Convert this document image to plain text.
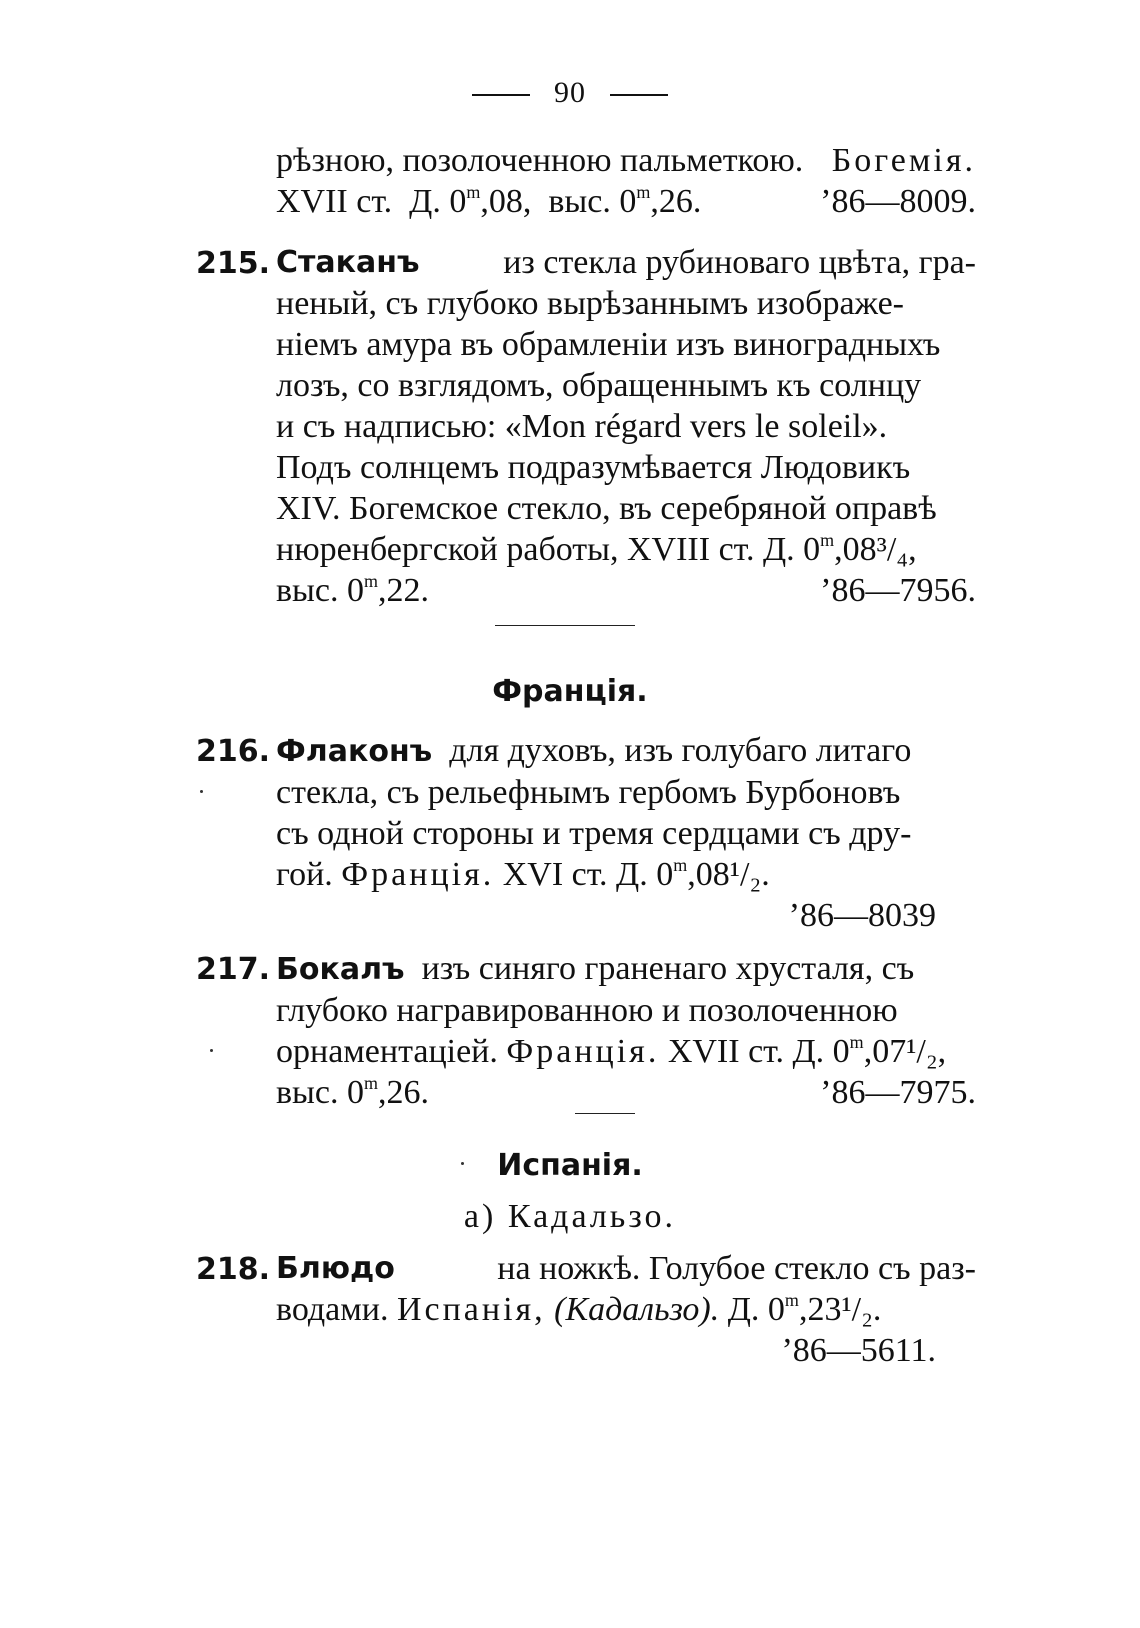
90
рѣзною, позолоченною пальметкою. Богемія.
XVII ст. Д. 0$^m$,08, выс. 0$^m$,26.	’86—8009.
215. Стаканъ из стекла рубиноваго цвѣта, гра-
неный, съ глубоко вырѣзаннымъ изображе-
ніемъ амура въ обрамленіи изъ виноградныхъ
лозъ, со взглядомъ, обращеннымъ къ солнцу
и съ надписью: «Mon régard vers le soleil».
Подъ солнцемъ подразумѣвается Людовикъ
XIV. Богемское стекло, въ серебряной оправѣ
нюренбергской работы, XVIII ст. Д. 0$^m$,08³/₄,
выс. 0$^m$,22.	’86—7956.
Франція.
216. Флаконъ для духовъ, изъ голубаго литаго
стекла, съ рельефнымъ гербомъ Бурбоновъ
съ одной стороны и тремя сердцами съ дру-
гой. Франція. XVI ст. Д. 0$^m$,08¹/₂.
’86—8039
217. Бокалъ изъ синяго граненаго хрусталя, съ
глубоко награвированною и позолоченною
орнаментаціей. Франція. XVII ст. Д. 0$^m$,07¹/₂,
выс. 0$^m$,26.	’86—7975.
Испанія.
а) Кадальзо.
218. Блюдо	на ножкѣ. Голубое стекло съ раз-
водами. Испанія, (Кадальзо). Д. 0$^m$,23¹/₂.
’86—5611.
